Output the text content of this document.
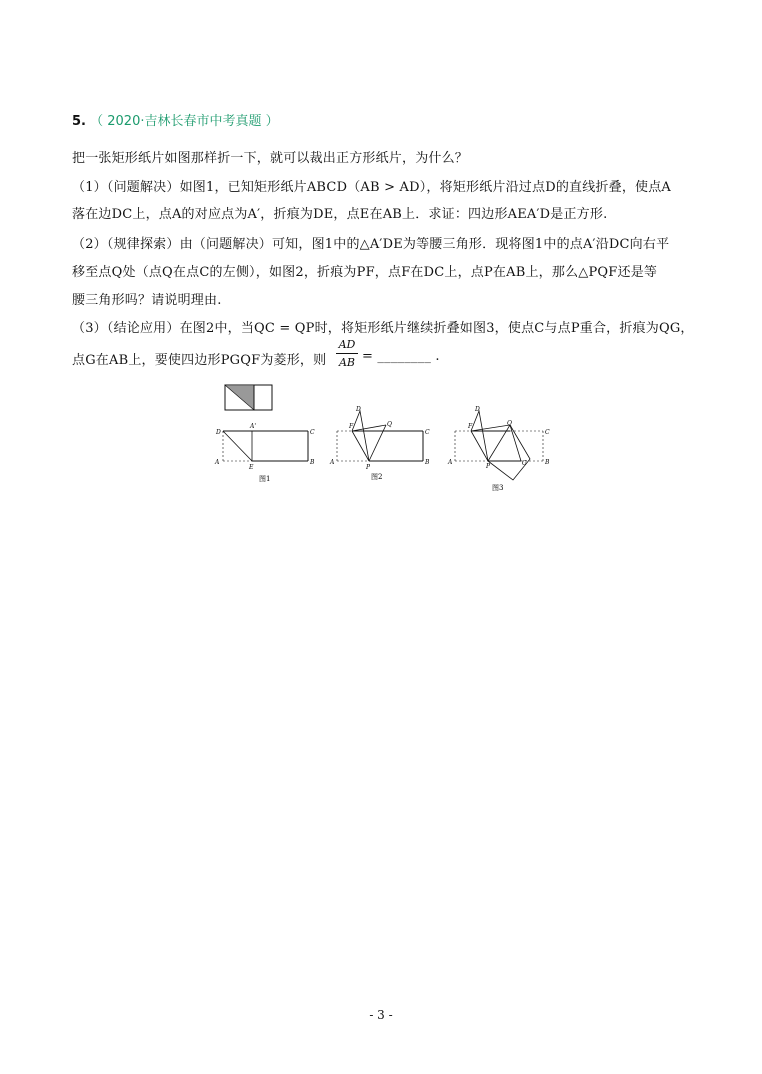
5. （ 2020·吉林长春市中考真题 ）
把一张矩形纸片如图那样折一下，就可以裁出正方形纸片，为什么？
（1）（问题解决）如图1，已知矩形纸片ABCD（AB > AD），将矩形纸片沿过点D的直线折叠，使点A
落在边DC上，点A的对应点为A′，折痕为DE，点E在AB上．求证：四边形AEA′D是正方形.
（2）（规律探索）由（问题解决）可知，图1中的△A′DE为等腰三角形．现将图1中的点A′沿DC向右平
移至点Q处（点Q在点C的左侧），如图2，折痕为PF，点F在DC上，点P在AB上，那么△PQF还是等
腰三角形吗？请说明理由.
（3）（结论应用）在图2中，当QC = QP时，将矩形纸片继续折叠如图3，使点C与点P重合，折痕为QG，
点G在AB上，要使四边形PGQF为菱形，则
AD
AB = ________ .
D
A'
C
A
E
B
图1
D
F	Q
C
A
P
B
图2
D
F	Q
C
A
P	G	B
图3
- 3 -
